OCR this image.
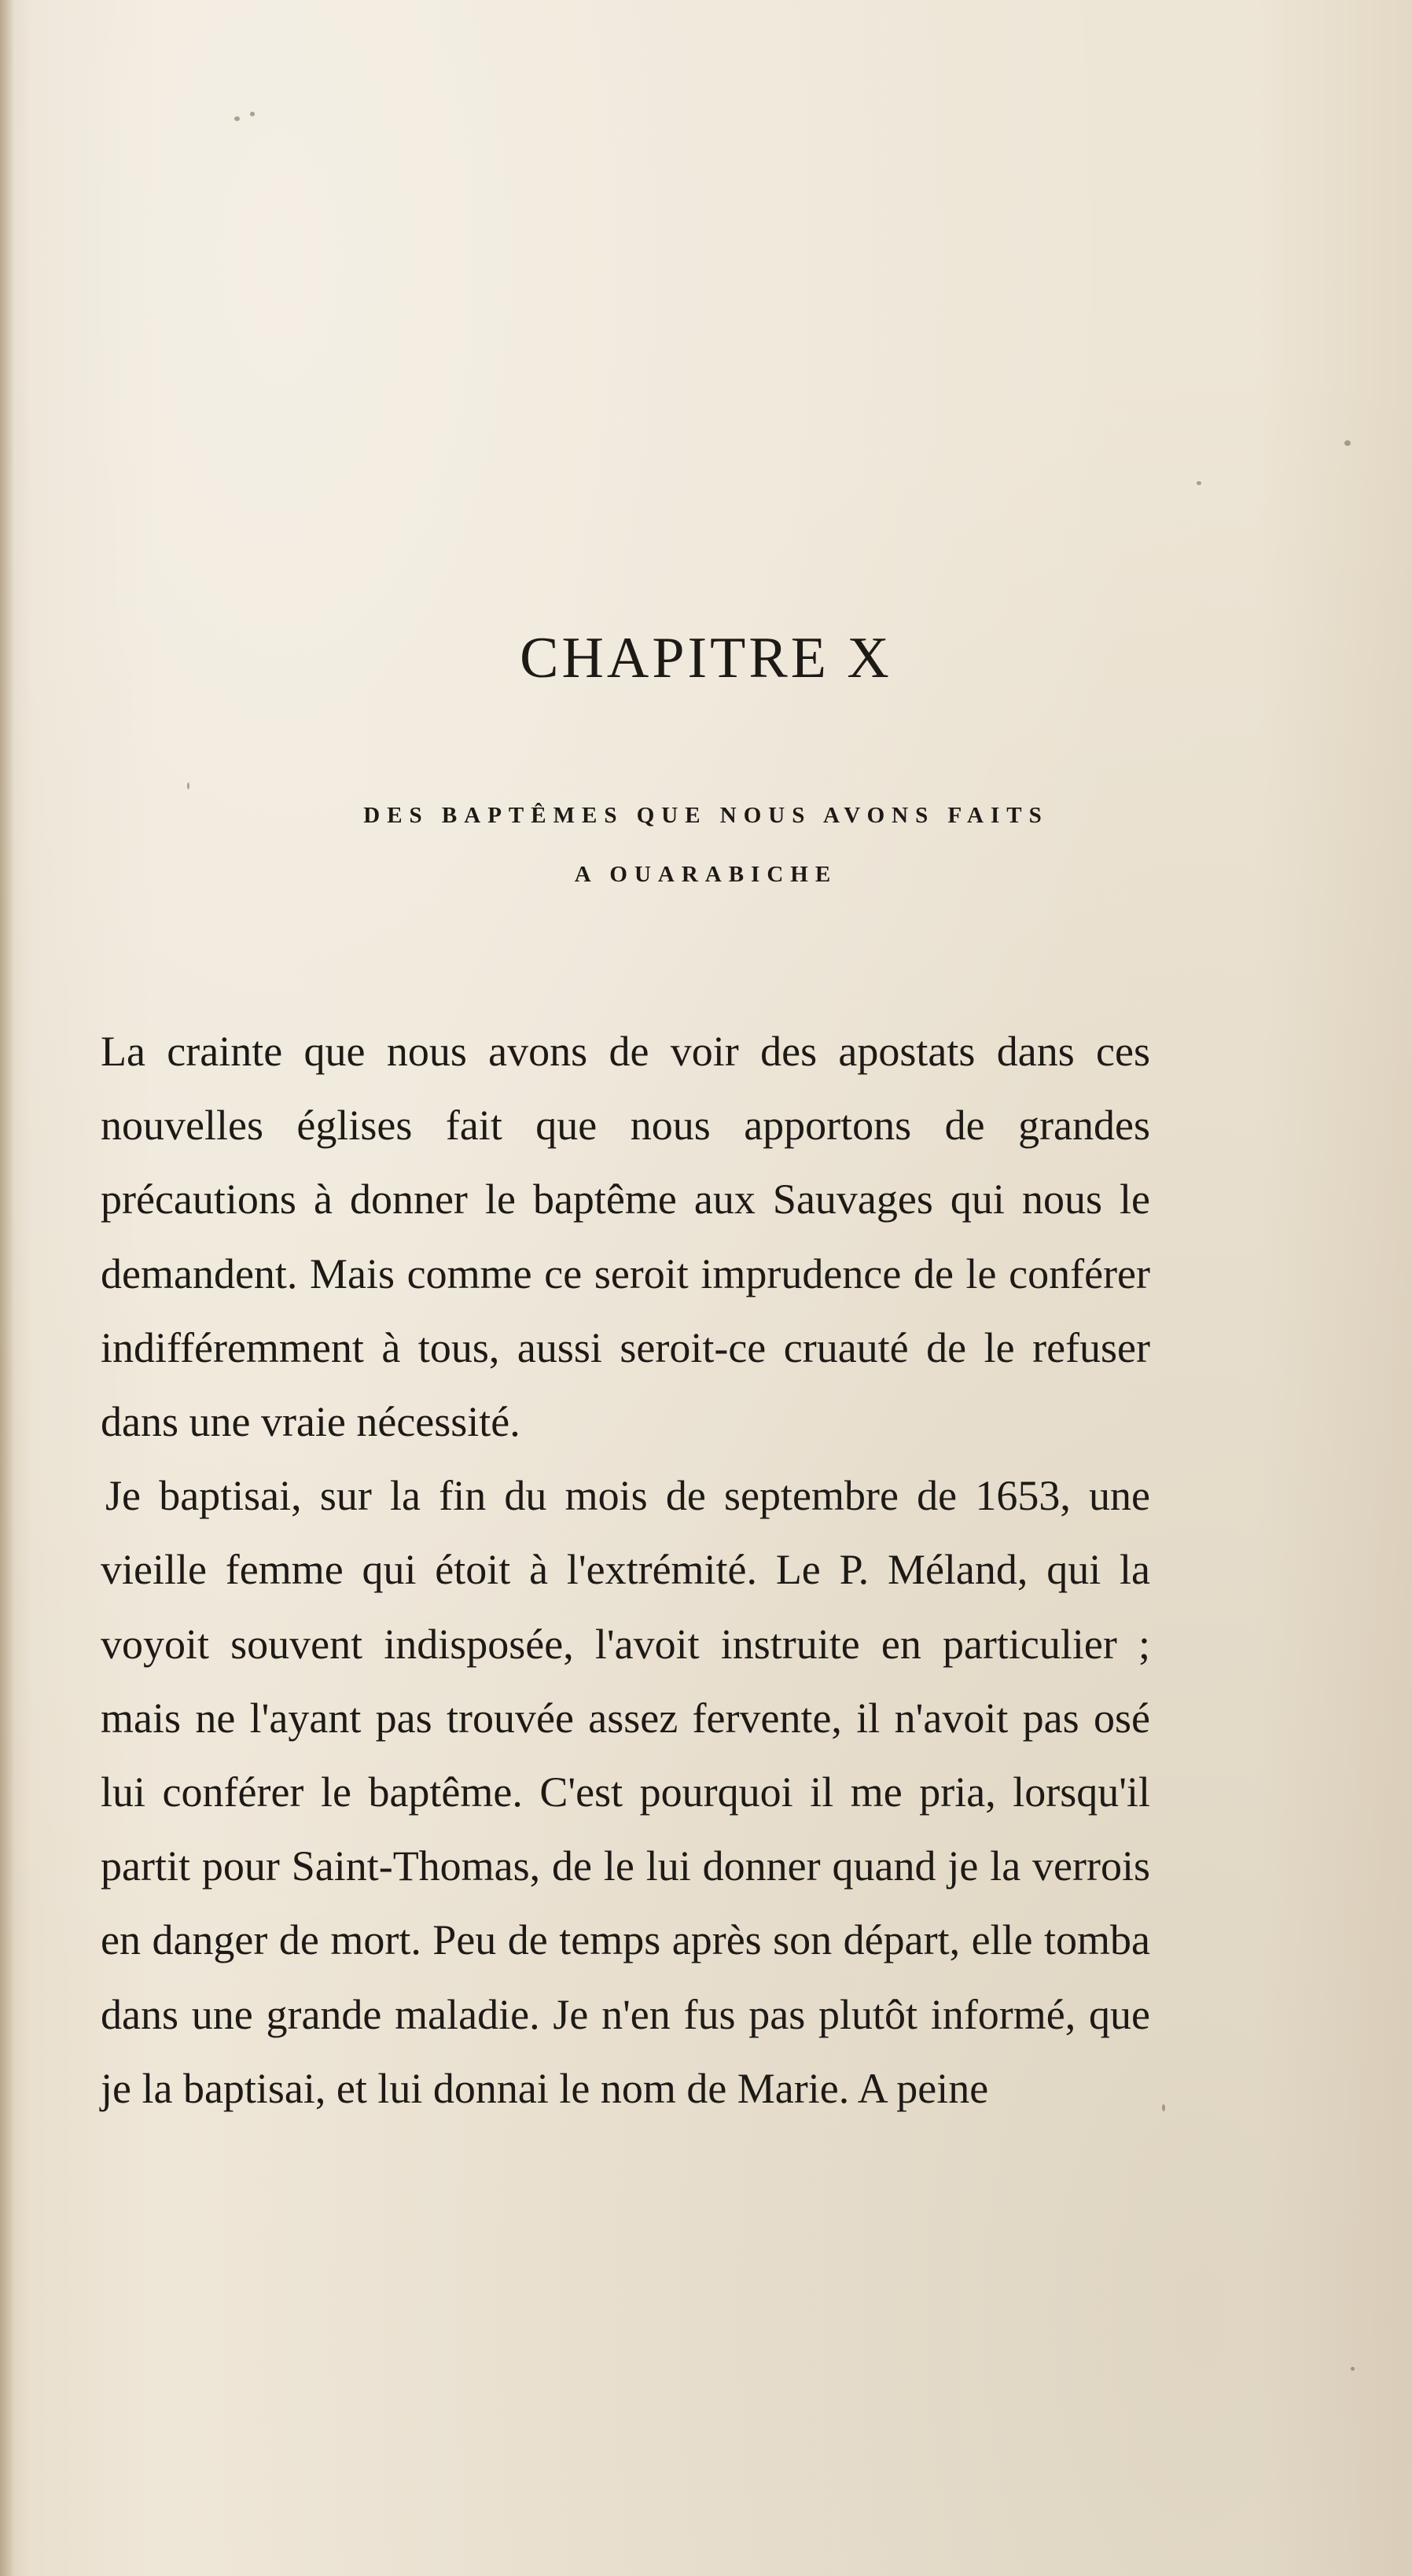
CHAPITRE X
DES BAPTÊMES QUE NOUS AVONS FAITS
A OUARABICHE

La crainte que nous avons de voir des apostats dans ces nouvelles églises fait que nous apportons de grandes précautions à donner le baptême aux Sauvages qui nous le demandent. Mais comme ce seroit imprudence de le conférer indifféremment à tous, aussi seroit-ce cruauté de le refuser dans une vraie nécessité.

Je baptisai, sur la fin du mois de septembre de 1653, une vieille femme qui étoit à l'extrémité. Le P. Méland, qui la voyoit souvent indisposée, l'avoit instruite en particulier ; mais ne l'ayant pas trouvée assez fervente, il n'avoit pas osé lui conférer le baptême. C'est pourquoi il me pria, lorsqu'il partit pour Saint-Thomas, de le lui donner quand je la verrois en danger de mort. Peu de temps après son départ, elle tomba dans une grande maladie. Je n'en fus pas plutôt informé, que je la baptisai, et lui donnai le nom de Marie. A peine
